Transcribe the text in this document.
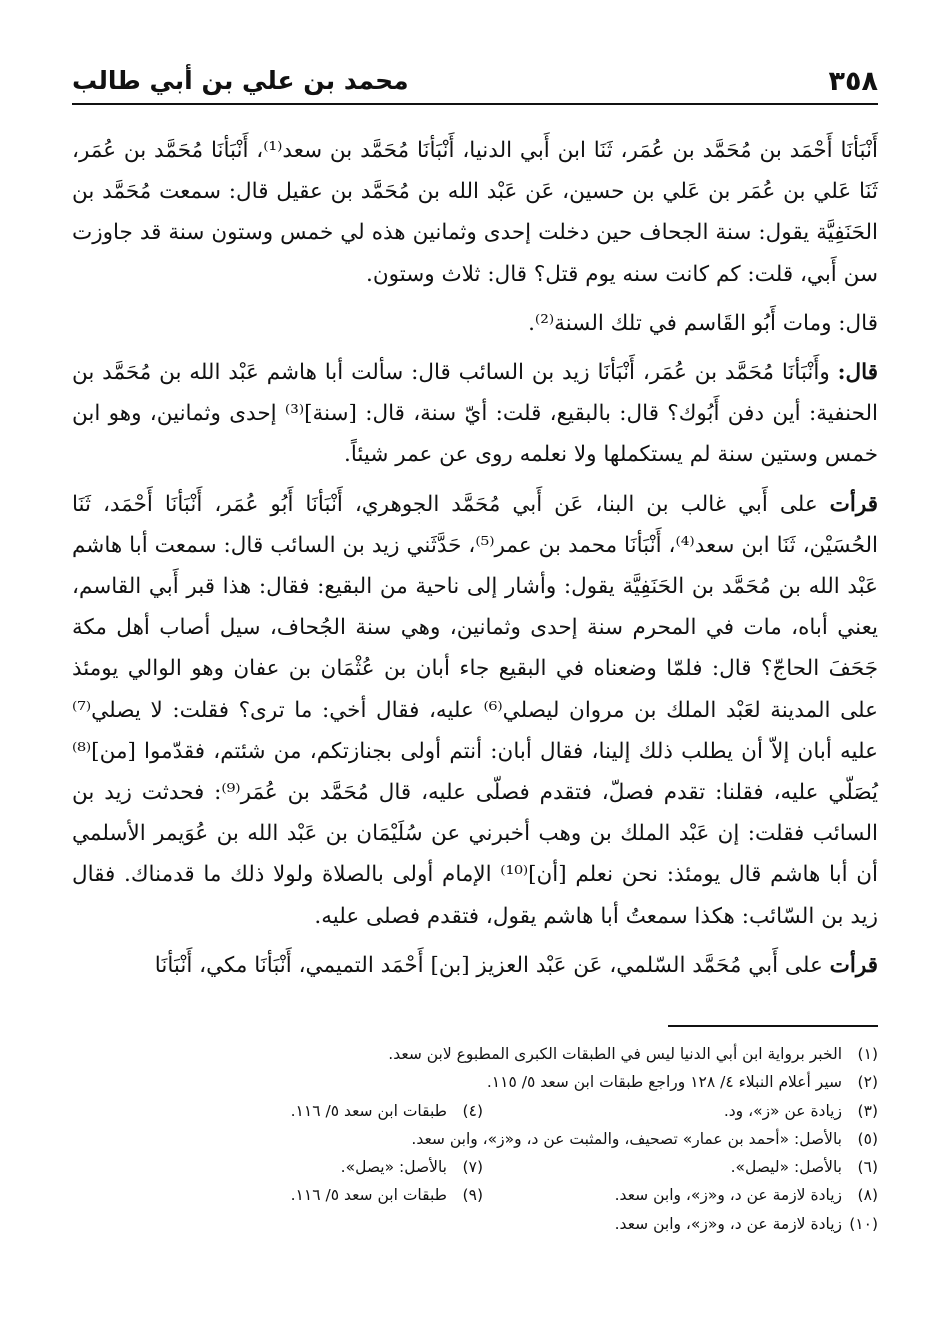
٣٥٨
محمد بن علي بن أبي طالب

أَنْبَأنَا أَحْمَد بن مُحَمَّد بن عُمَر، ثَنَا ابن أَبي الدنيا، أَنْبَأنَا مُحَمَّد بن سعد⁽¹⁾، أَنْبَأنَا مُحَمَّد بن عُمَر، ثَنَا عَلي بن عُمَر بن عَلي بن حسين، عَن عَبْد الله بن مُحَمَّد بن عقيل قال: سمعت مُحَمَّد بن الحَنَفِيَّة يقول: سنة الجحاف حين دخلت إحدى وثمانين هذه لي خمس وستون سنة قد جاوزت سن أَبي، قلت: كم كانت سنه يوم قتل؟ قال: ثلاث وستون.

قال: ومات أَبُو القَاسم في تلك السنة⁽²⁾.

قال: وأَنْبَأنَا مُحَمَّد بن عُمَر، أَنْبَأنَا زيد بن السائب قال: سألت أبا هاشم عَبْد الله بن مُحَمَّد بن الحنفية: أين دفن أَبُوك؟ قال: بالبقيع، قلت: أيّ سنة، قال: [سنة]⁽³⁾ إحدى وثمانين، وهو ابن خمس وستين سنة لم يستكملها ولا نعلمه روى عن عمر شيئاً.

قرأت على أَبي غالب بن البنا، عَن أَبي مُحَمَّد الجوهري، أَنْبَأنَا أَبُو عُمَر، أَنْبَأنَا أَحْمَد، ثَنَا الحُسَيْن، ثَنَا ابن سعد⁽⁴⁾، أَنْبَأنَا محمد بن عمر⁽⁵⁾، حَدَّثَني زيد بن السائب قال: سمعت أبا هاشم عَبْد الله بن مُحَمَّد بن الحَنَفِيَّة يقول: وأشار إلى ناحية من البقيع: فقال: هذا قبر أَبي القاسم، يعني أباه، مات في المحرم سنة إحدى وثمانين، وهي سنة الجُحاف، سيل أصاب أهل مكة جَحَفَ الحاجّ؟ قال: فلمّا وضعناه في البقيع جاء أبان بن عُثْمَان بن عفان وهو الوالي يومئذ على المدينة لعَبْد الملك بن مروان ليصلي⁽⁶⁾ عليه، فقال أخي: ما ترى؟ فقلت: لا يصلي⁽⁷⁾ عليه أبان إلاّ أن يطلب ذلك إلينا، فقال أبان: أنتم أولى بجنازتكم، من شئتم، فقدّموا [من]⁽⁸⁾ يُصَلّي عليه، فقلنا: تقدم فصلّ، فتقدم فصلّى عليه، قال مُحَمَّد بن عُمَر⁽⁹⁾: فحدثت زيد بن السائب فقلت: إن عَبْد الملك بن وهب أخبرني عن سُلَيْمَان بن عَبْد الله بن عُوَيمر الأسلمي أن أبا هاشم قال يومئذ: نحن نعلم [أن]⁽¹⁰⁾ الإمام أولى بالصلاة ولولا ذلك ما قدمناك. فقال زيد بن السّائب: هكذا سمعتُ أبا هاشم يقول، فتقدم فصلى عليه.

قرأت على أَبي مُحَمَّد السّلمي، عَن عَبْد العزيز [بن] أَحْمَد التميمي، أَنْبَأنَا مكي، أَنْبَأنَا

(١)الخبر برواية ابن أبي الدنيا ليس في الطبقات الكبرى المطبوع لابن سعد.
(٢)سير أعلام النبلاء ٤/ ١٢٨ وراجع طبقات ابن سعد ٥/ ١١٥.
(٣)زيادة عن «ز»، ود.
(٤)طبقات ابن سعد ٥/ ١١٦.
(٥)بالأصل: «أحمد بن عمار» تصحيف، والمثبت عن د، و«ز»، وابن سعد.
(٦)بالأصل: «ليصل».
(٧)بالأصل: «يصل».
(٨)زيادة لازمة عن د، و«ز»، وابن سعد.
(٩)طبقات ابن سعد ٥/ ١١٦.
(١٠)زيادة لازمة عن د، و«ز»، وابن سعد.
